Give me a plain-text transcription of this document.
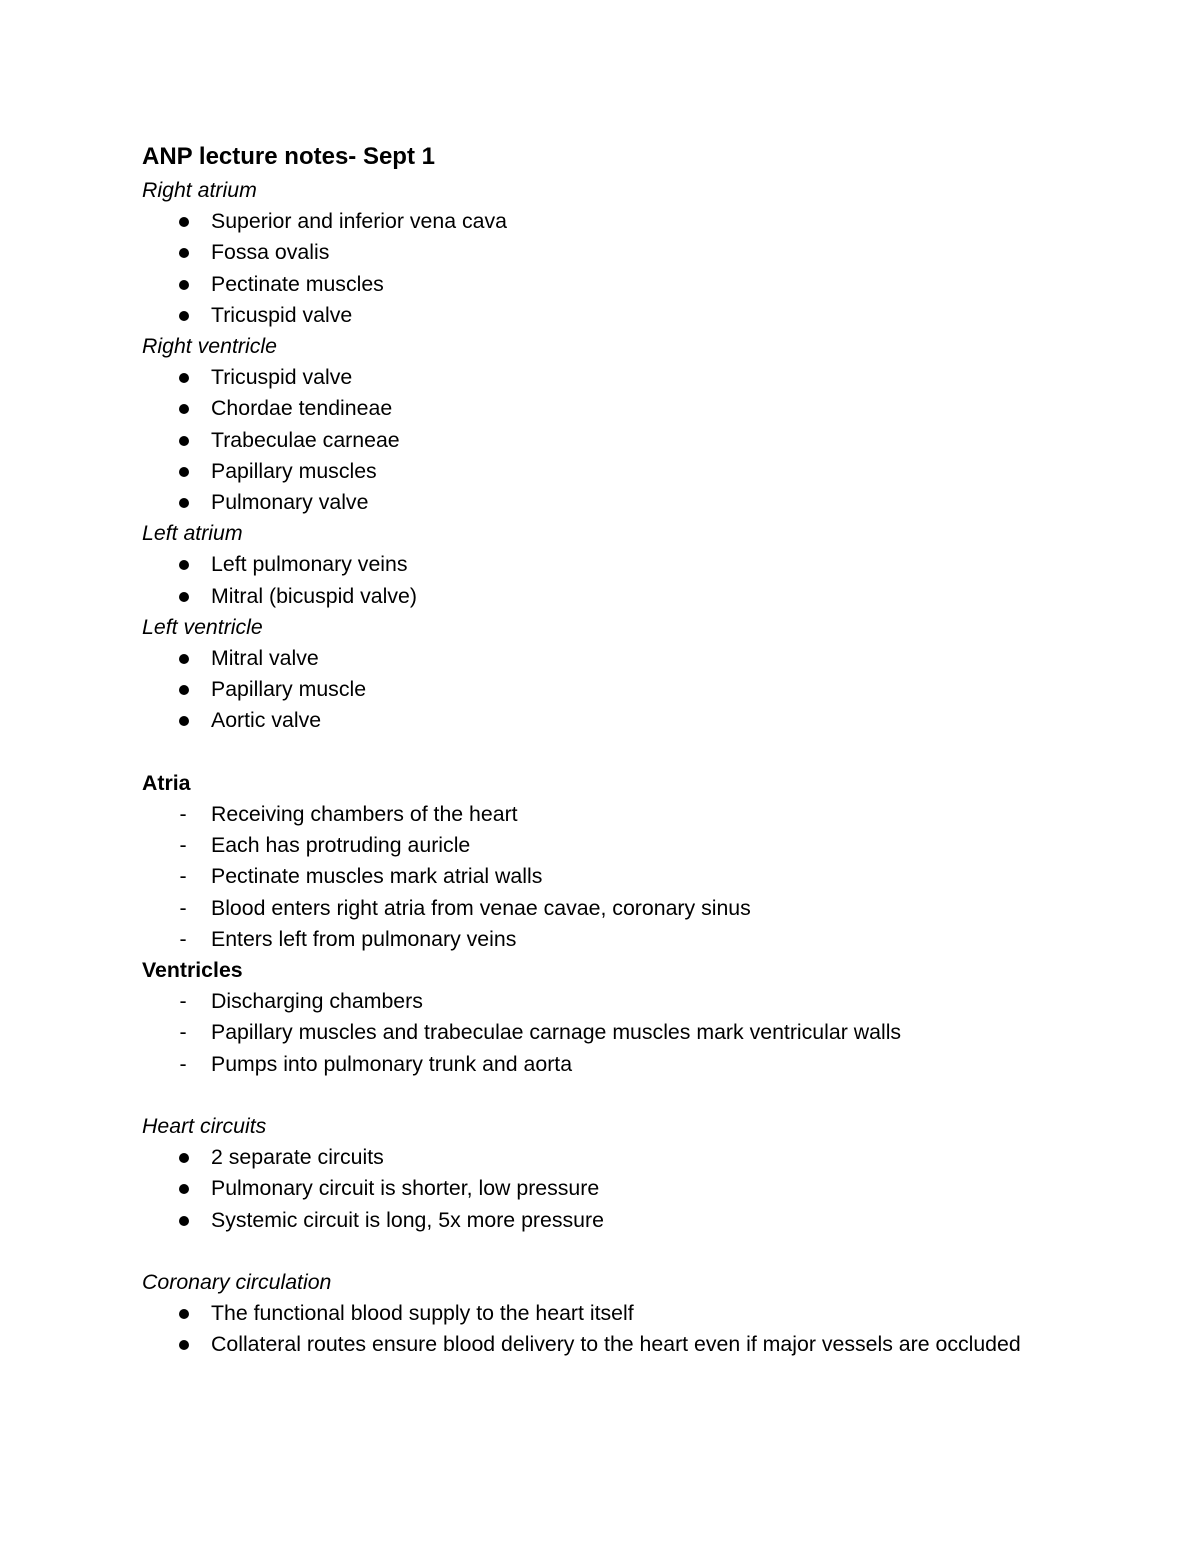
ANP lecture notes- Sept 1
Right atrium
Superior and inferior vena cava
Fossa ovalis
Pectinate muscles
Tricuspid valve
Right ventricle
Tricuspid valve
Chordae tendineae
Trabeculae carneae
Papillary muscles
Pulmonary valve
Left atrium
Left pulmonary veins
Mitral (bicuspid valve)
Left ventricle
Mitral valve
Papillary muscle
Aortic valve
Atria
- Receiving chambers of the heart
- Each has protruding auricle
- Pectinate muscles mark atrial walls
- Blood enters right atria from venae cavae, coronary sinus
- Enters left from pulmonary veins
Ventricles
- Discharging chambers
- Papillary muscles and trabeculae carnage muscles mark ventricular walls
- Pumps into pulmonary trunk and aorta
Heart circuits
2 separate circuits
Pulmonary circuit is shorter, low pressure
Systemic circuit is long, 5x more pressure
Coronary circulation
The functional blood supply to the heart itself
Collateral routes ensure blood delivery to the heart even if major vessels are occluded
